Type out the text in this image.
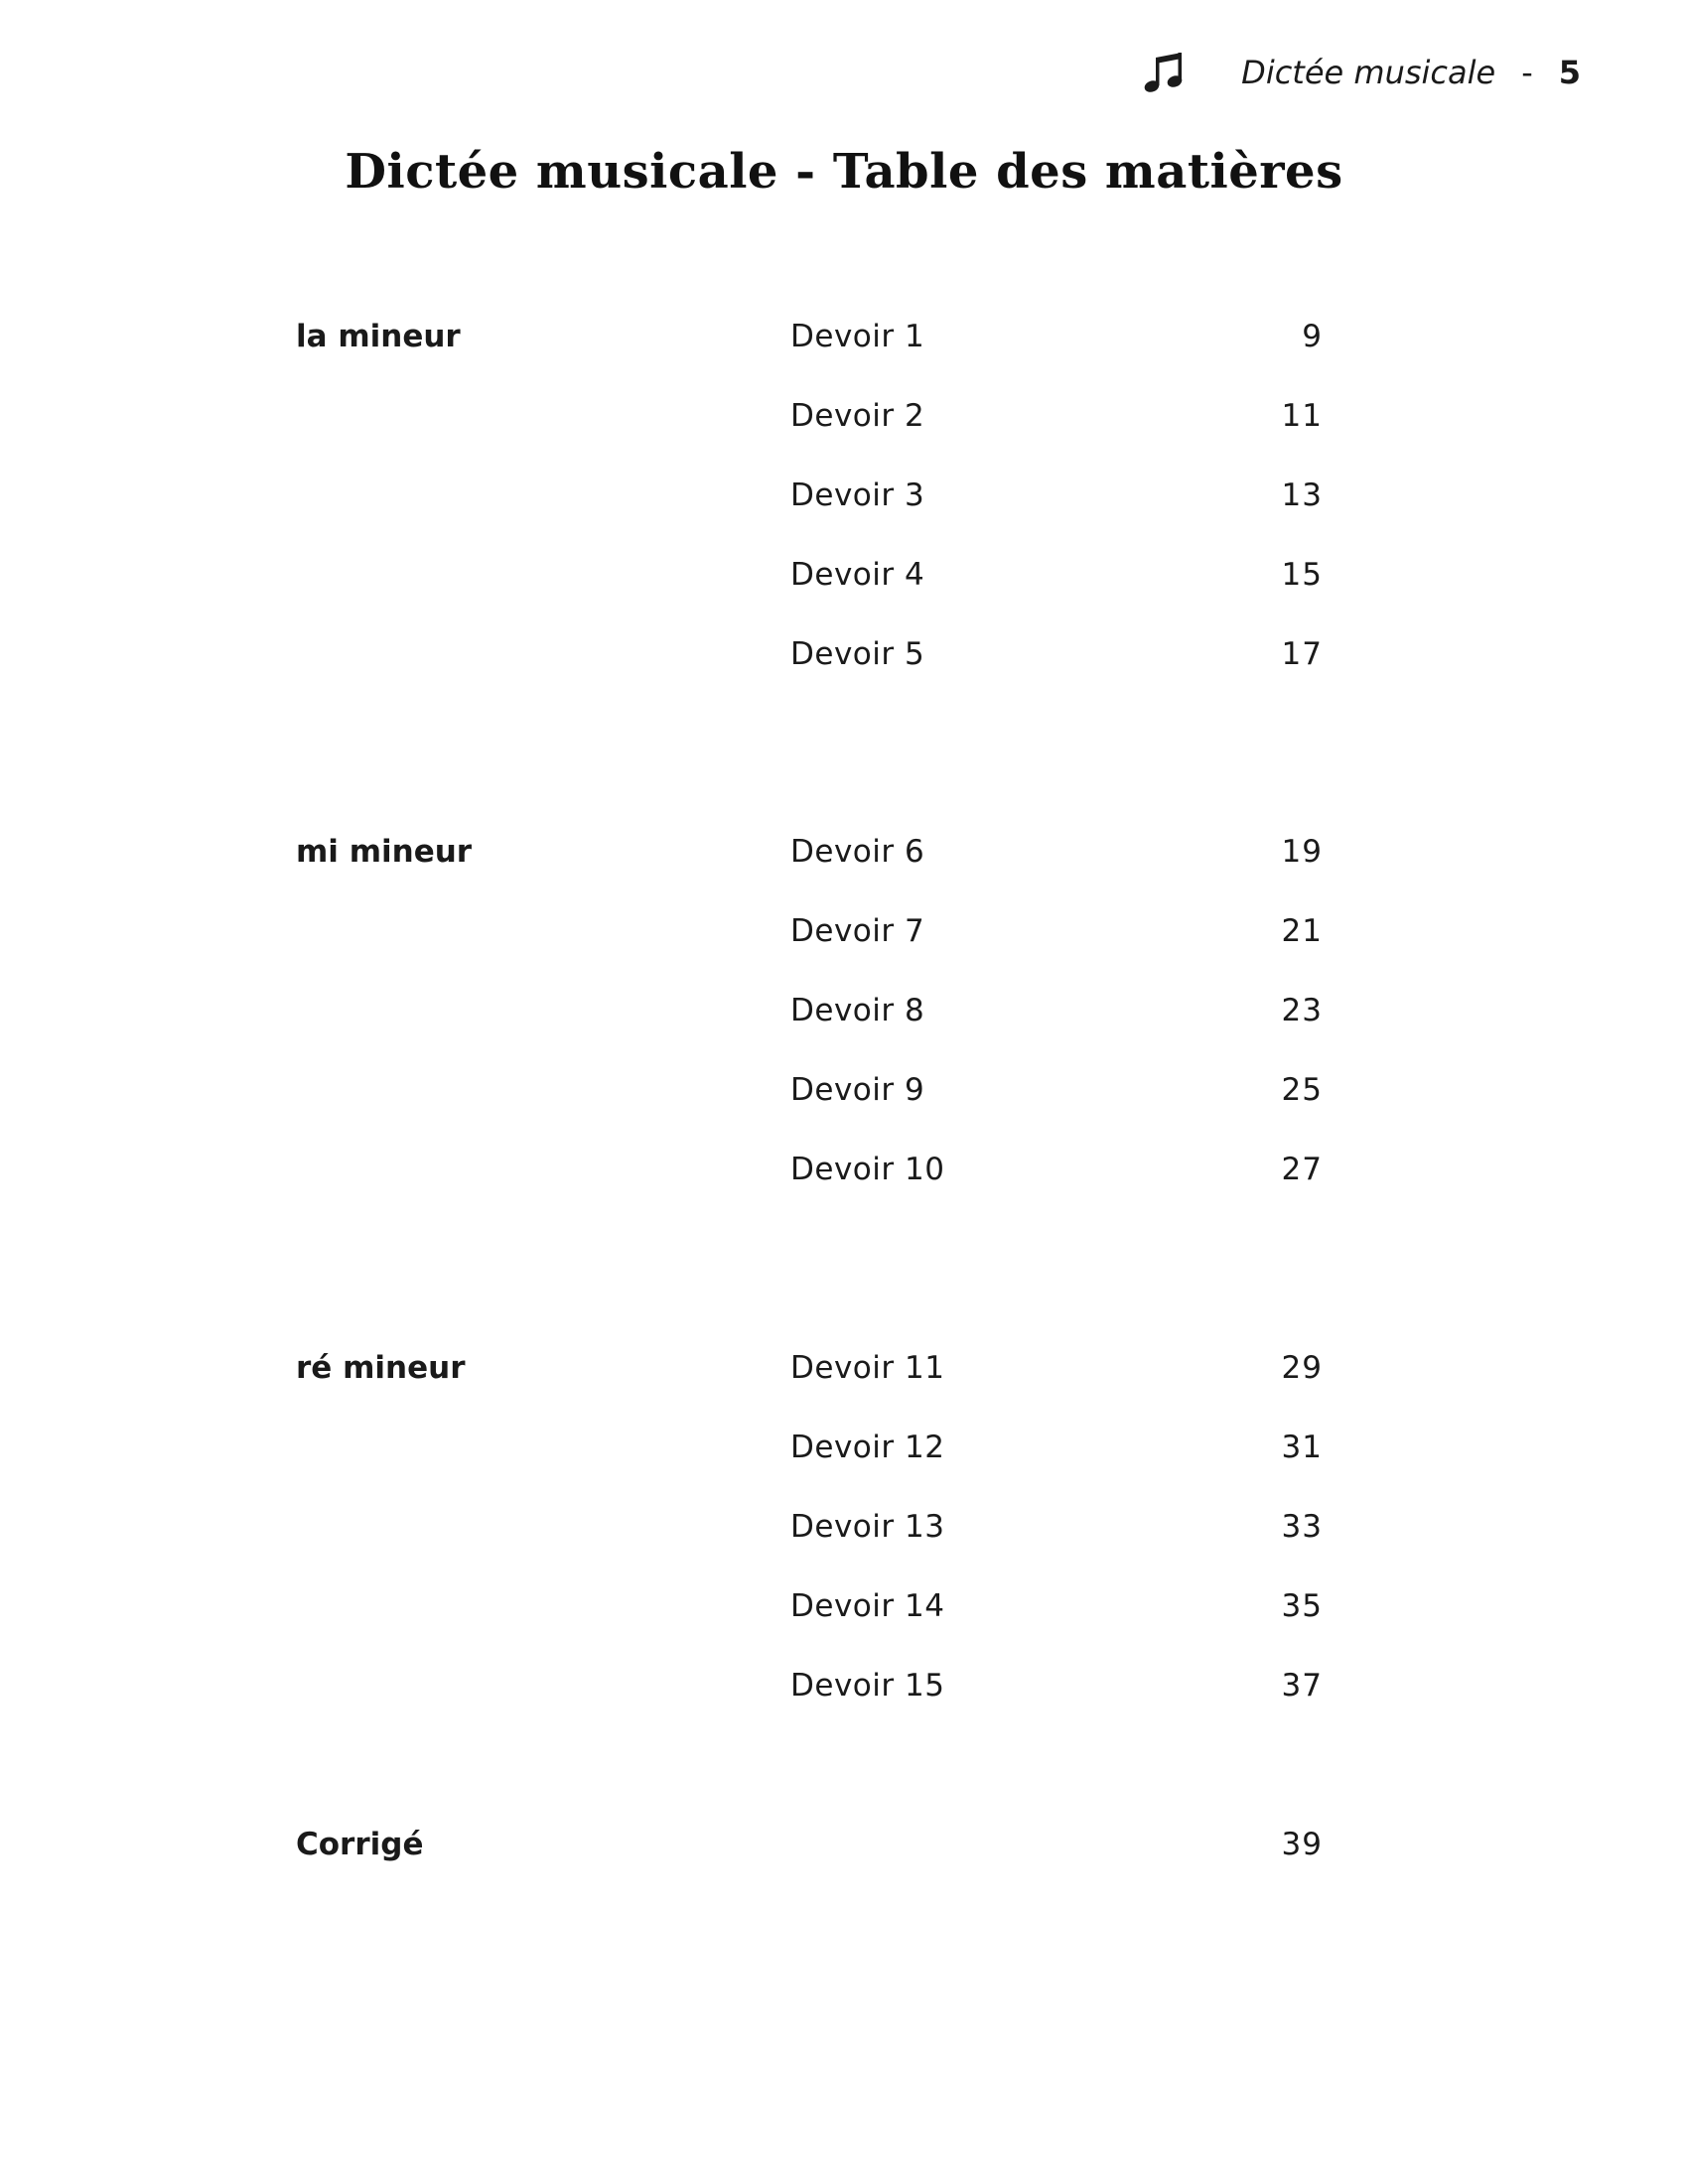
Dictée musicale - 5
Dictée musicale - Table des matières
la mineur	Devoir 1	9
Devoir 2	11
Devoir 3	13
Devoir 4	15
Devoir 5	17
mi mineur	Devoir 6	19
Devoir 7	21
Devoir 8	23
Devoir 9	25
Devoir 10	27
ré mineur	Devoir 11	29
Devoir 12	31
Devoir 13	33
Devoir 14	35
Devoir 15	37
Corrigé	39
